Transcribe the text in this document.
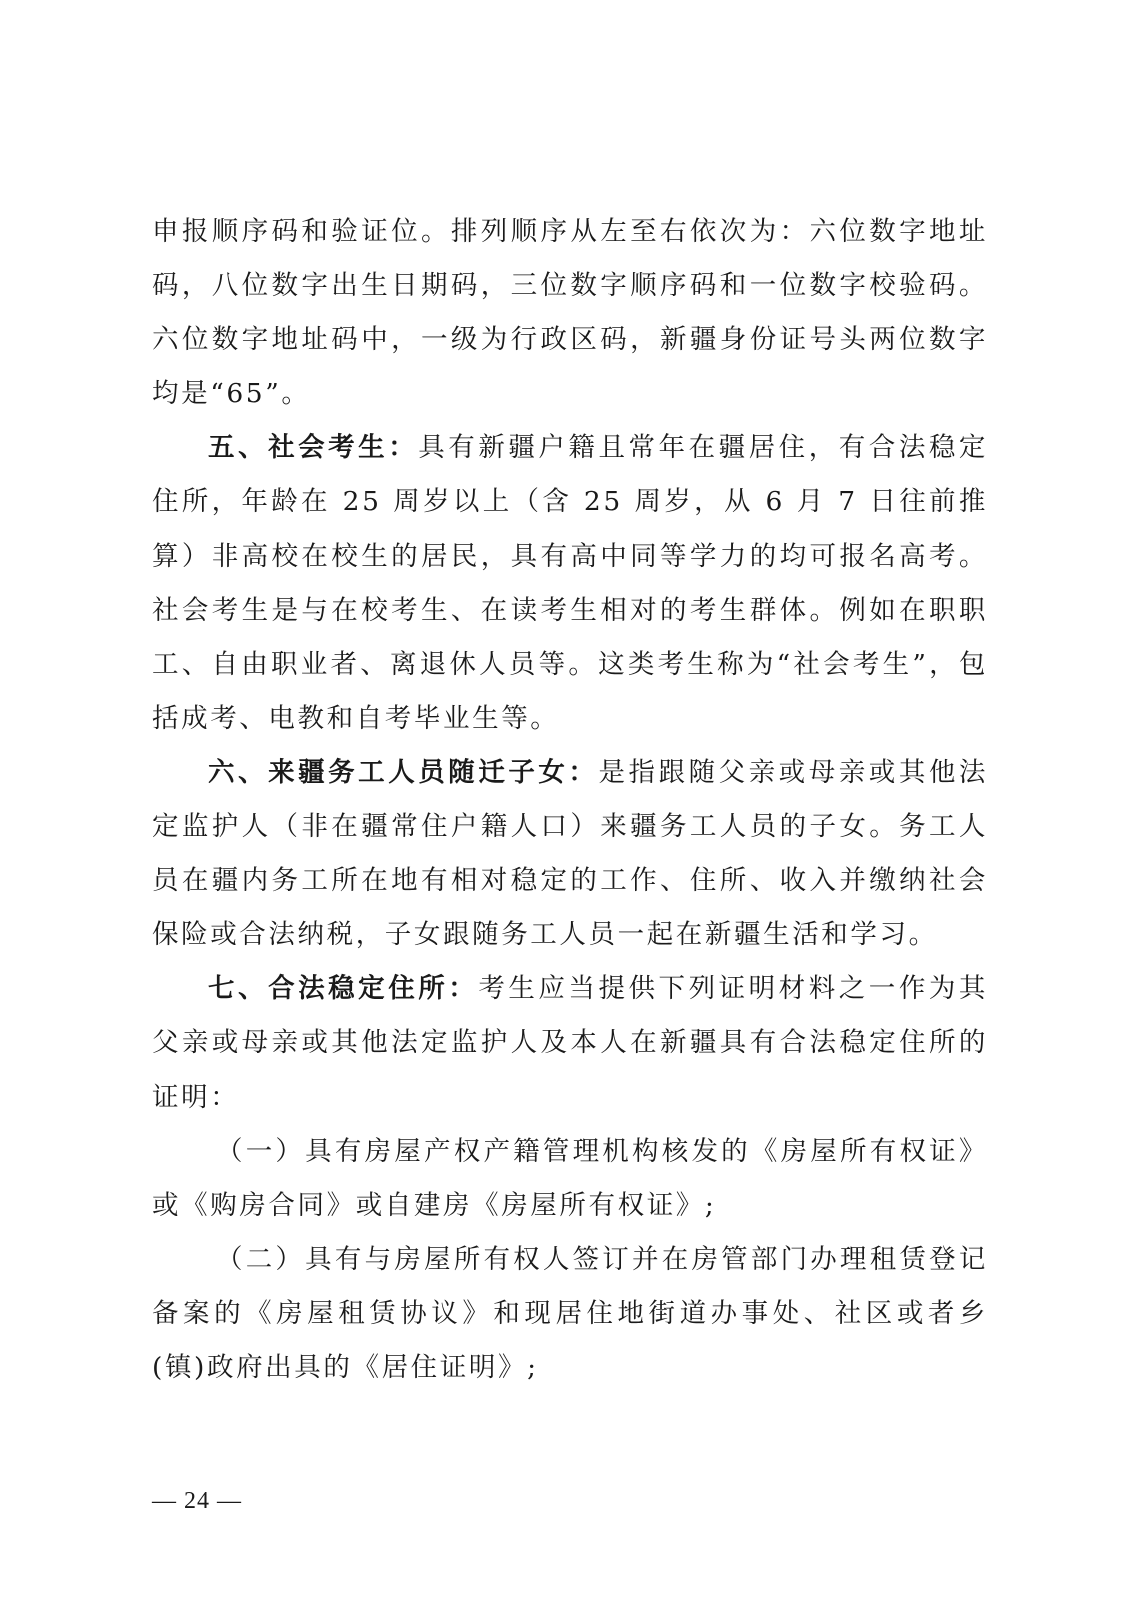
申报顺序码和验证位。排列顺序从左至右依次为：六位数字地址码，八位数字出生日期码，三位数字顺序码和一位数字校验码。六位数字地址码中，一级为行政区码，新疆身份证号头两位数字均是“65”。

五、社会考生：具有新疆户籍且常年在疆居住，有合法稳定住所，年龄在 25 周岁以上（含 25 周岁，从 6 月 7 日往前推算）非高校在校生的居民，具有高中同等学力的均可报名高考。社会考生是与在校考生、在读考生相对的考生群体。例如在职职工、自由职业者、离退休人员等。这类考生称为“社会考生”，包括成考、电教和自考毕业生等。

六、来疆务工人员随迁子女：是指跟随父亲或母亲或其他法定监护人（非在疆常住户籍人口）来疆务工人员的子女。务工人员在疆内务工所在地有相对稳定的工作、住所、收入并缴纳社会保险或合法纳税，子女跟随务工人员一起在新疆生活和学习。

七、合法稳定住所：考生应当提供下列证明材料之一作为其父亲或母亲或其他法定监护人及本人在新疆具有合法稳定住所的证明：

（一）具有房屋产权产籍管理机构核发的《房屋所有权证》或《购房合同》或自建房《房屋所有权证》;

（二）具有与房屋所有权人签订并在房管部门办理租赁登记备案的《房屋租赁协议》和现居住地街道办事处、社区或者乡(镇)政府出具的《居住证明》;

— 24 —
